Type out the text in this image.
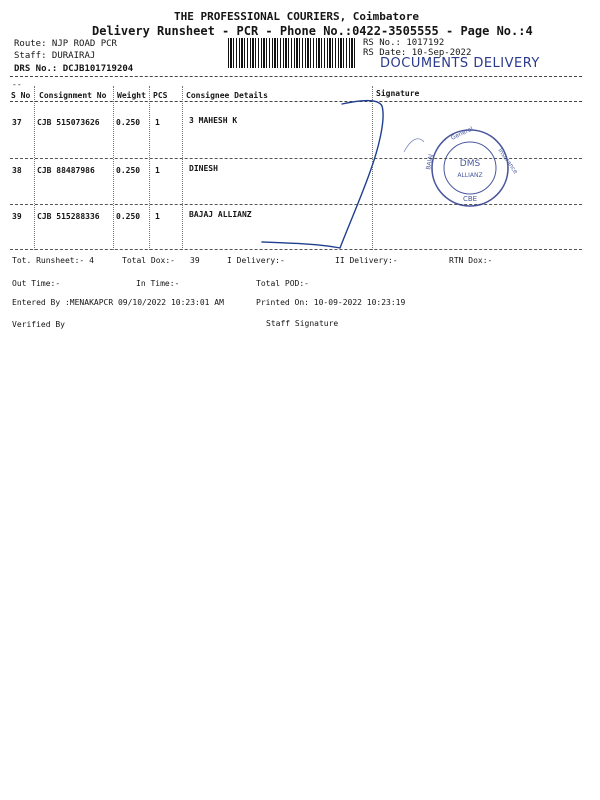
THE PROFESSIONAL COURIERS, Coimbatore
Delivery Runsheet - PCR - Phone No.:0422-3505555 - Page No.:4
Route: NJP ROAD PCR
Staff: DURAIRAJ
DRS No.: DCJB101719204
RS No.: 1017192
RS Date: 10-Sep-2022
DOCUMENTS DELIVERY
--
S No Consignment No Weight PCS Consignee Details	Signature
37 CJB 515073626 0.250 1	3 MAHESH K
38 CJB 88487986	0.250 1	DINESH
39 CJB 515288336 0.250 1	BAJAJ ALLIANZ
Tot. Runsheet:- 4	Total Dox:- 39	I Delivery:-	II Delivery:-	RTN Dox:-
Out Time:-	In Time:-	Total POD:-
Entered By :MENAKAPCR 09/10/2022 10:23:01 AM	Printed On: 10-09-2022 10:23:19
Verified By	Staff Signature
DMS
ALLIANZ
CBE
General
BAJAJ	Insurance
